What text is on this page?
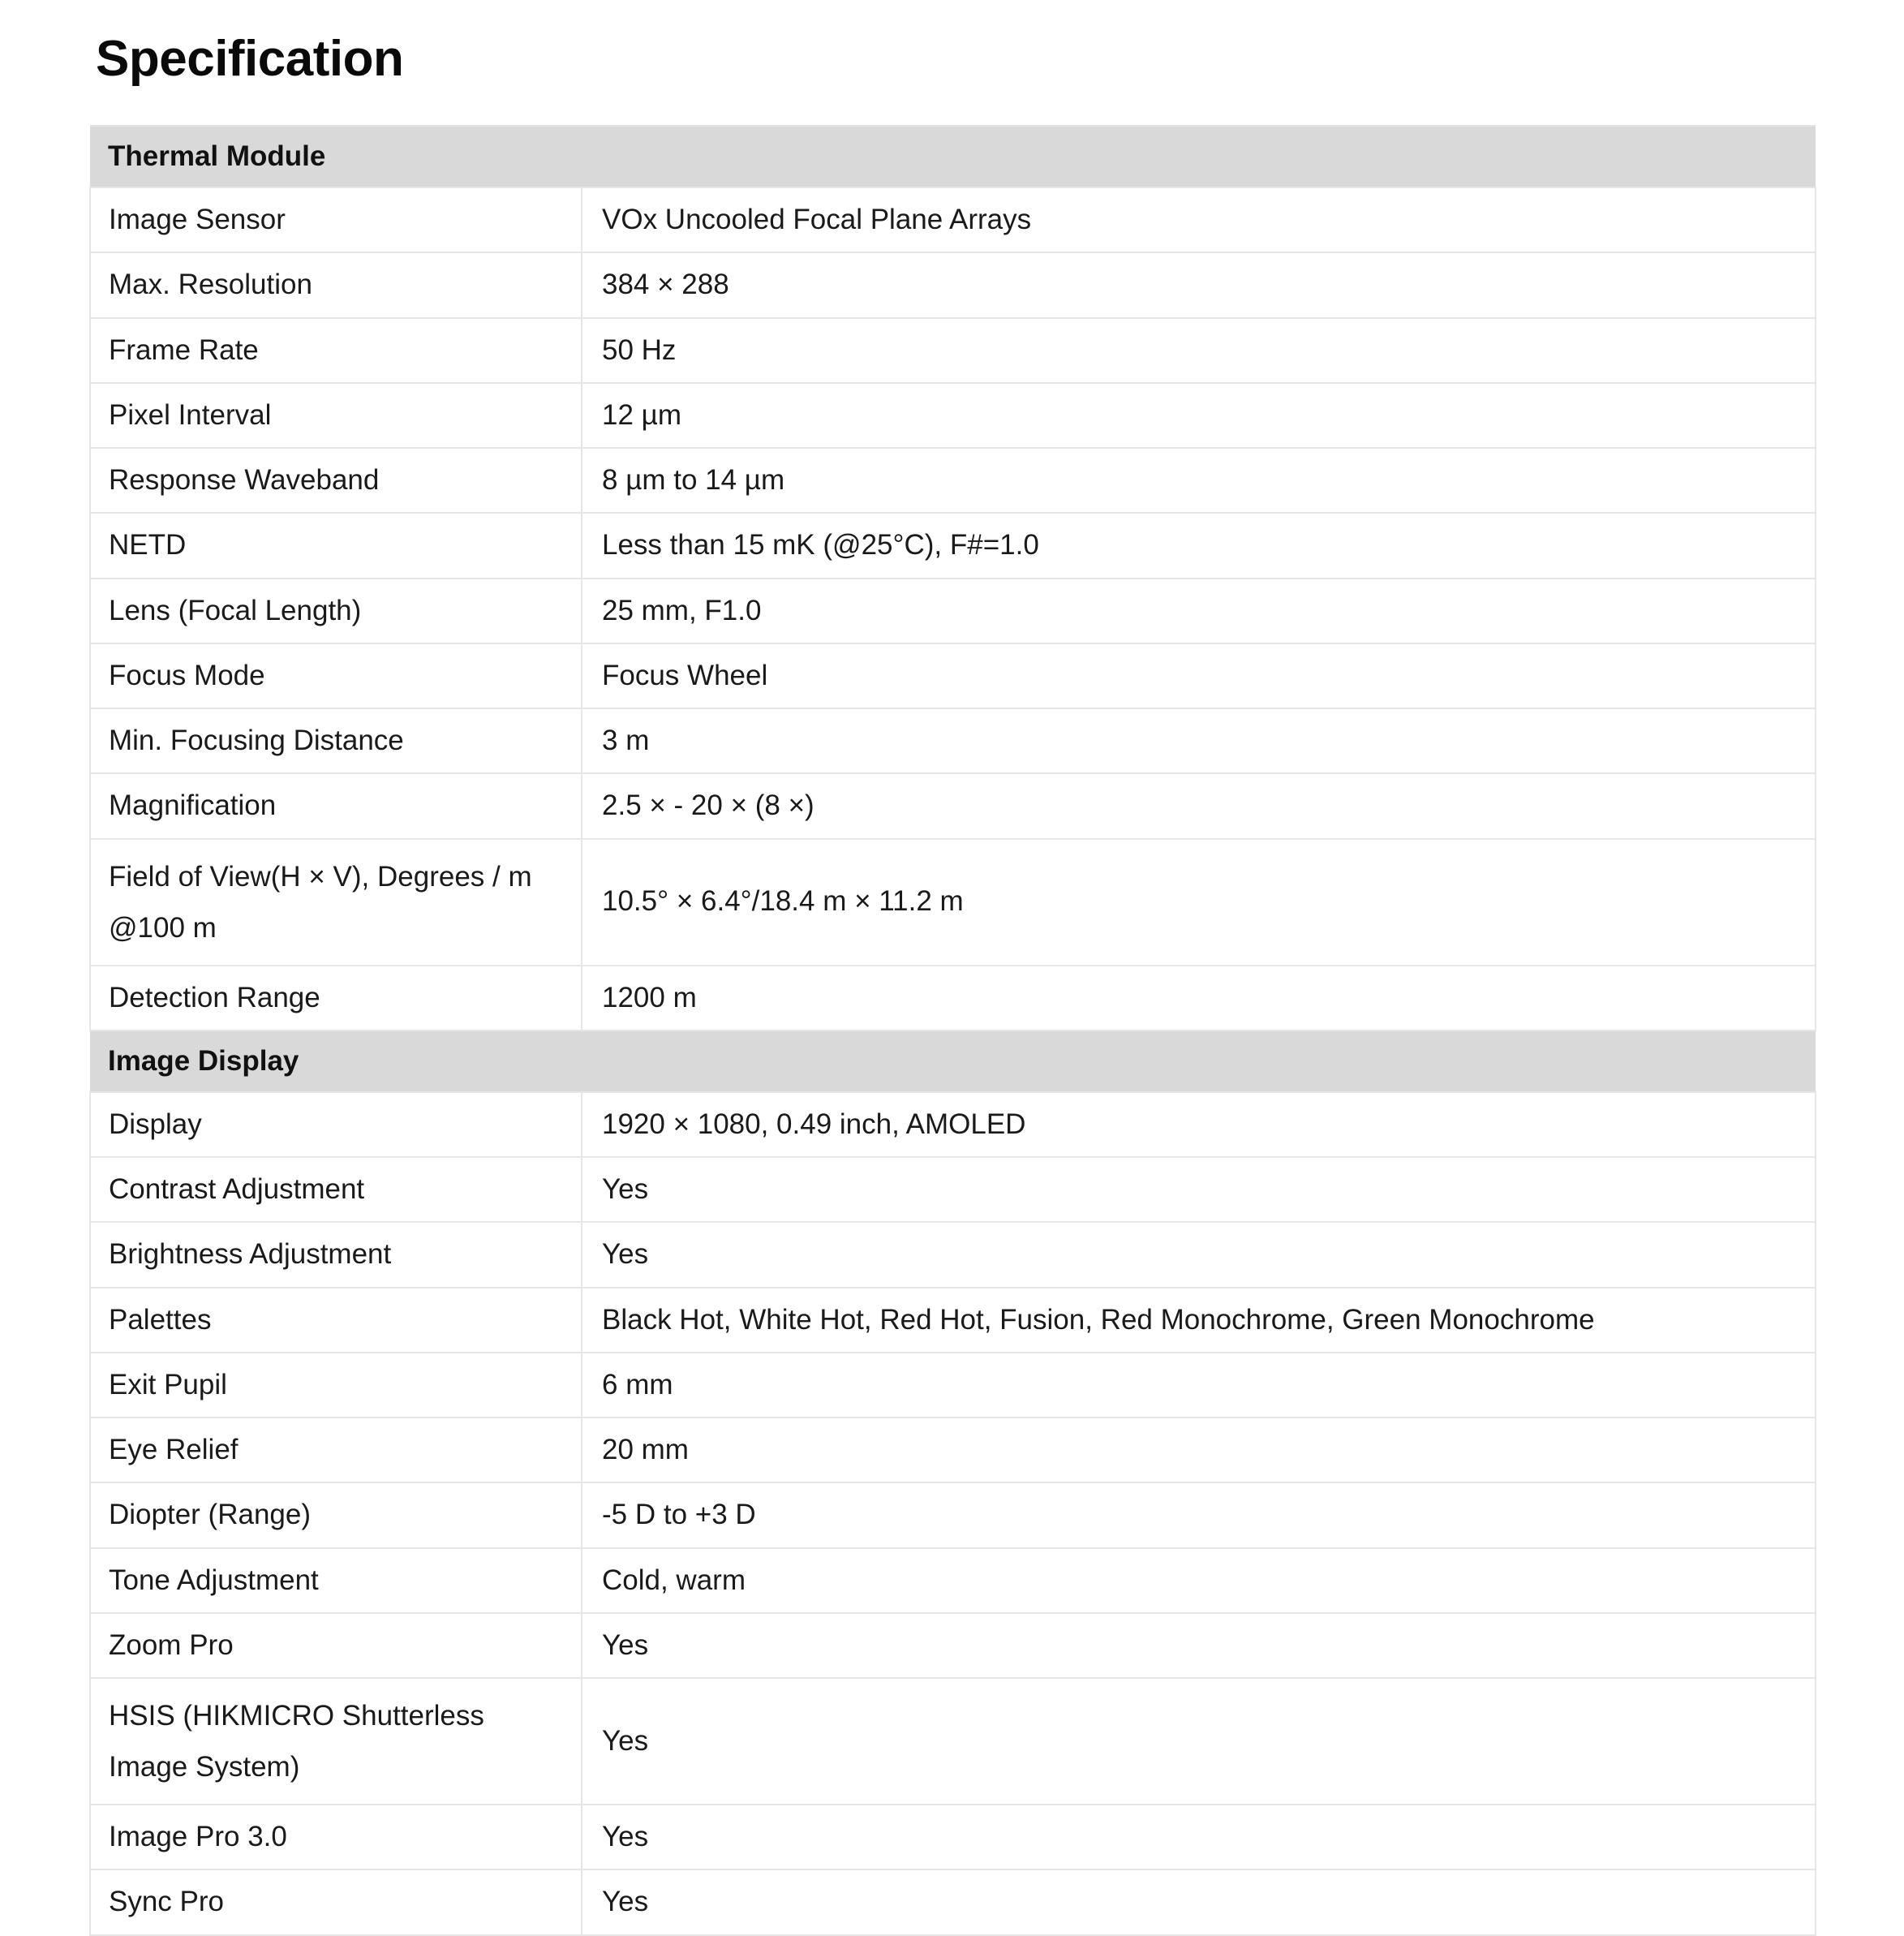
Specification
Thermal Module	
Image Sensor	VOx Uncooled Focal Plane Arrays
Max. Resolution	384 × 288
Frame Rate	50 Hz
Pixel Interval	12 µm
Response Waveband	8 µm to 14 µm
NETD	Less than 15 mK (@25°C), F#=1.0
Lens (Focal Length)	25 mm, F1.0
Focus Mode	Focus Wheel
Min. Focusing Distance	3 m
Magnification	2.5 × - 20 × (8 ×)
Field of View(H × V), Degrees / m @100 m	10.5° × 6.4°/18.4 m × 11.2 m
Detection Range	1200 m
Image Display	
Display	1920 × 1080, 0.49 inch, AMOLED
Contrast Adjustment	Yes
Brightness Adjustment	Yes
Palettes	Black Hot, White Hot, Red Hot, Fusion, Red Monochrome, Green Monochrome
Exit Pupil	6 mm
Eye Relief	20 mm
Diopter (Range)	-5 D to +3 D
Tone Adjustment	Cold, warm
Zoom Pro	Yes
HSIS (HIKMICRO Shutterless Image System)	Yes
Image Pro 3.0	Yes
Sync Pro	Yes
